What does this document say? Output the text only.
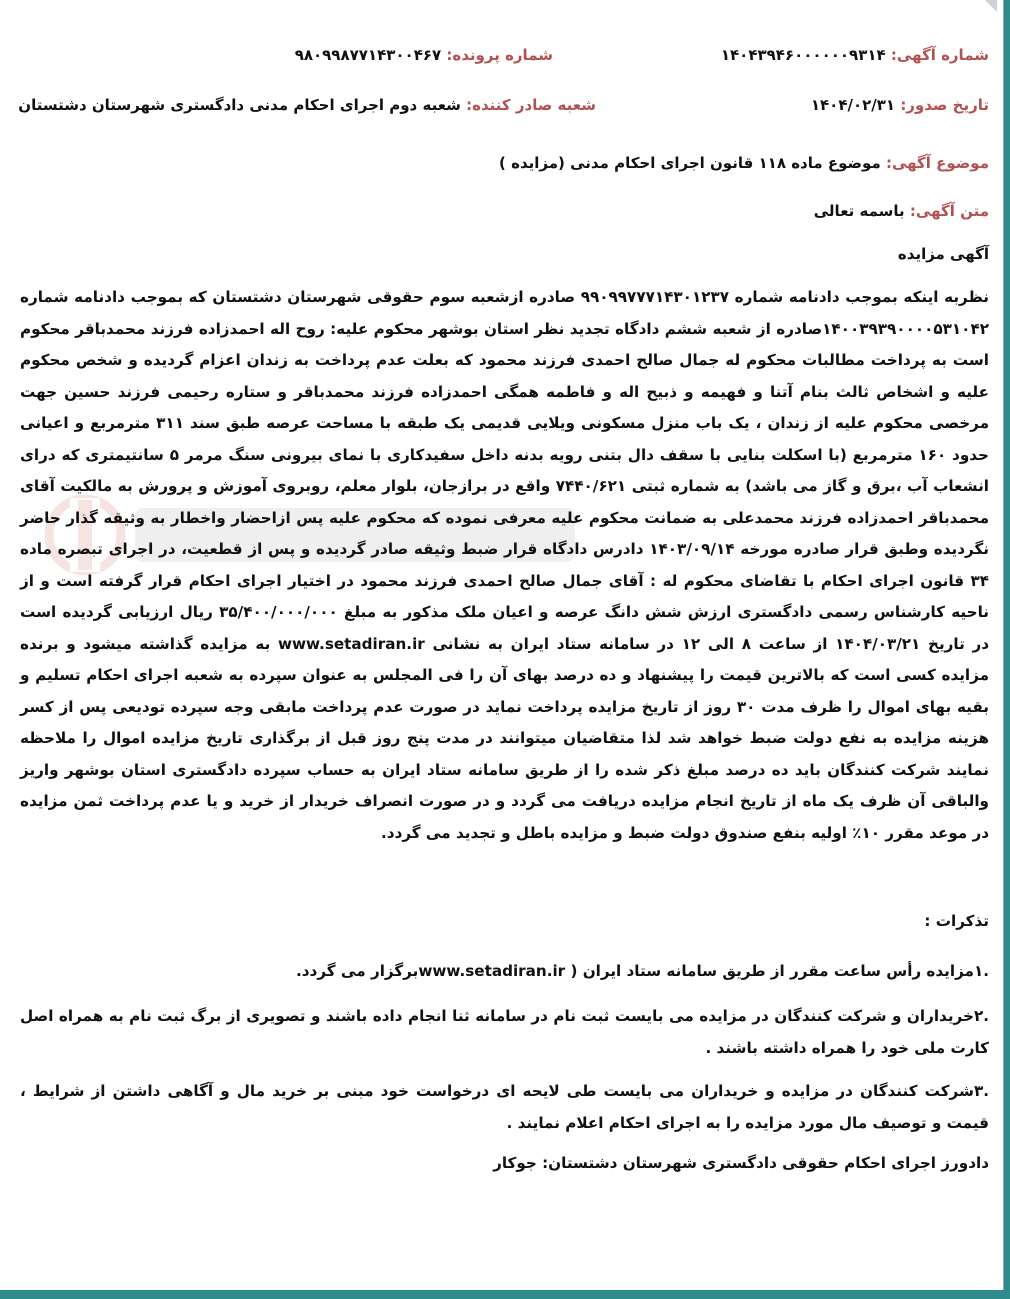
شماره آگهی: ۱۴۰۴۳۹۴۶۰۰۰۰۰۰۹۳۱۴
شماره پرونده: ۹۸۰۹۹۸۷۷۱۴۳۰۰۴۶۷
تاریخ صدور: ۱۴۰۴/۰۲/۳۱
شعبه صادر کننده: شعبه دوم اجرای احکام مدنی دادگستری شهرستان دشتستان
موضوع آگهی: موضوع ماده ۱۱۸ قانون اجرای احکام مدنی (مزایده )
متن آگهی: باسمه تعالی
آگهی مزایده
نظربه اینکه بموجب دادنامه شماره ۹۹۰۹۹۷۷۷۱۴۳۰۱۲۳۷ صادره ازشعبه سوم حقوقی شهرستان دشتستان که بموجب دادنامه شماره ۱۴۰۰۳۹۳۹۰۰۰۰۵۳۱۰۴۲صادره از شعبه ششم دادگاه تجدید نظر استان بوشهر محکوم علیه: روح اله احمدزاده فرزند محمدباقر محکوم است به پرداخت مطالبات محکوم له جمال صالح احمدی فرزند محمود که بعلت عدم پرداخت به زندان اعزام گردیده و شخص محکوم علیه و اشخاص ثالث بنام آتنا و فهیمه و ذبیح اله و فاطمه همگی احمدزاده فرزند محمدباقر و ستاره رحیمی فرزند حسین جهت مرخصی محکوم علیه از زندان ، یک باب منزل مسکونی ویلایی قدیمی یک طبقه با مساحت عرصه طبق سند ۳۱۱ مترمربع و اعیانی حدود ۱۶۰ مترمربع (با اسکلت بنایی با سقف دال بتنی رویه بدنه داخل سفیدکاری با نمای بیرونی سنگ مرمر ۵ سانتیمتری که درای انشعاب آب ،برق و گاز می باشد) به شماره ثبتی ۷۴۴۰/۶۲۱ واقع در برازجان، بلوار معلم، روبروی آموزش و پرورش به مالکیت آقای محمدباقر احمدزاده فرزند محمدعلی به ضمانت محکوم علیه معرفی نموده که محکوم علیه پس ازاحضار واخطار به وثیقه گذار حاضر نگردیده وطبق قرار صادره مورخه ۱۴۰۳/۰۹/۱۴ دادرس دادگاه قرار ضبط وثیقه صادر گردیده و پس از قطعیت، در اجرای تبصره ماده ۳۴ قانون اجرای احکام با تقاضای محکوم له : آقای جمال صالح احمدی فرزند محمود در اختیار اجرای احکام قرار گرفته است و از ناحیه کارشناس رسمی دادگستری ارزش شش دانگ عرصه و اعیان ملک مذکور به مبلغ ۳۵/۴۰۰/۰۰۰/۰۰۰ ریال ارزیابی گردیده است در تاریخ ۱۴۰۴/۰۳/۲۱ از ساعت ۸ الی ۱۲ در سامانه ستاد ایران به نشانی www.setadiran.ir به مزایده گذاشته میشود و برنده مزایده کسی است که بالاترین قیمت را پیشنهاد و ده درصد بهای آن را فی المجلس به عنوان سپرده به شعبه اجرای احکام تسلیم و بقیه بهای اموال را ظرف مدت ۳۰ روز از تاریخ مزایده پرداخت نماید در صورت عدم پرداخت مابقی وجه سپرده تودیعی پس از کسر هزینه مزایده به نفع دولت ضبط خواهد شد لذا متقاضیان میتوانند در مدت پنج روز قبل از برگذاری تاریخ مزایده اموال را ملاحظه نمایند شرکت کنندگان باید ده درصد مبلغ ذکر شده را از طریق سامانه ستاد ایران به حساب سپرده دادگستری استان بوشهر واریز والباقی آن ظرف یک ماه از تاریخ انجام مزایده دریافت می گردد و در صورت انصراف خریدار از خرید و یا عدم پرداخت ثمن مزایده در موعد مقرر ۱۰٪ اولیه بنفع صندوق دولت ضبط و مزایده باطل و تجدید می گردد.
تذکرات :
.۱مزایده رأس ساعت مقرر از طریق سامانه ستاد ایران ( www.setadiran.irبرگزار می گردد.
.۲خریداران و شرکت کنندگان در مزایده می بایست ثبت نام در سامانه ثنا انجام داده باشند و تصویری از برگ ثبت نام به همراه اصل کارت ملی خود را همراه داشته باشند .
.۳شرکت کنندگان در مزایده و خریداران می بایست طی لایحه ای درخواست خود مبنی بر خرید مال و آگاهی داشتن از شرایط ، قیمت و توصیف مال مورد مزایده را به اجرای احکام اعلام نمایند .
دادورز اجرای احکام حقوقی دادگستری شهرستان دشتستان: جوکار
